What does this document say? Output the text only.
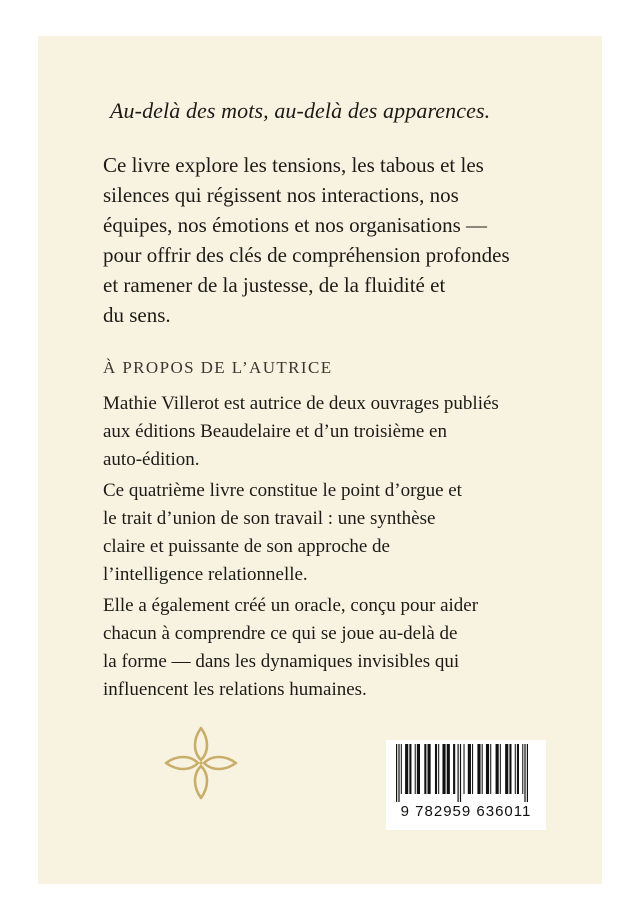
Au-delà des mots, au-delà des apparences.

Ce livre explore les tensions, les tabous et les
silences qui régissent nos interactions, nos
équipes, nos émotions et nos organisations —
pour offrir des clés de compréhension profondes
et ramener de la justesse, de la fluidité et
du sens.

À PROPOS DE L’AUTRICE

Mathie Villerot est autrice de deux ouvrages publiés
aux éditions Beaudelaire et d’un troisième en
auto-édition.

Ce quatrième livre constitue le point d’orgue et
le trait d’union de son travail : une synthèse
claire et puissante de son approche de
l’intelligence relationnelle.

Elle a également créé un oracle, conçu pour aider
chacun à comprendre ce qui se joue au-delà de
la forme — dans les dynamiques invisibles qui
influencent les relations humaines.

9 782959 636011
